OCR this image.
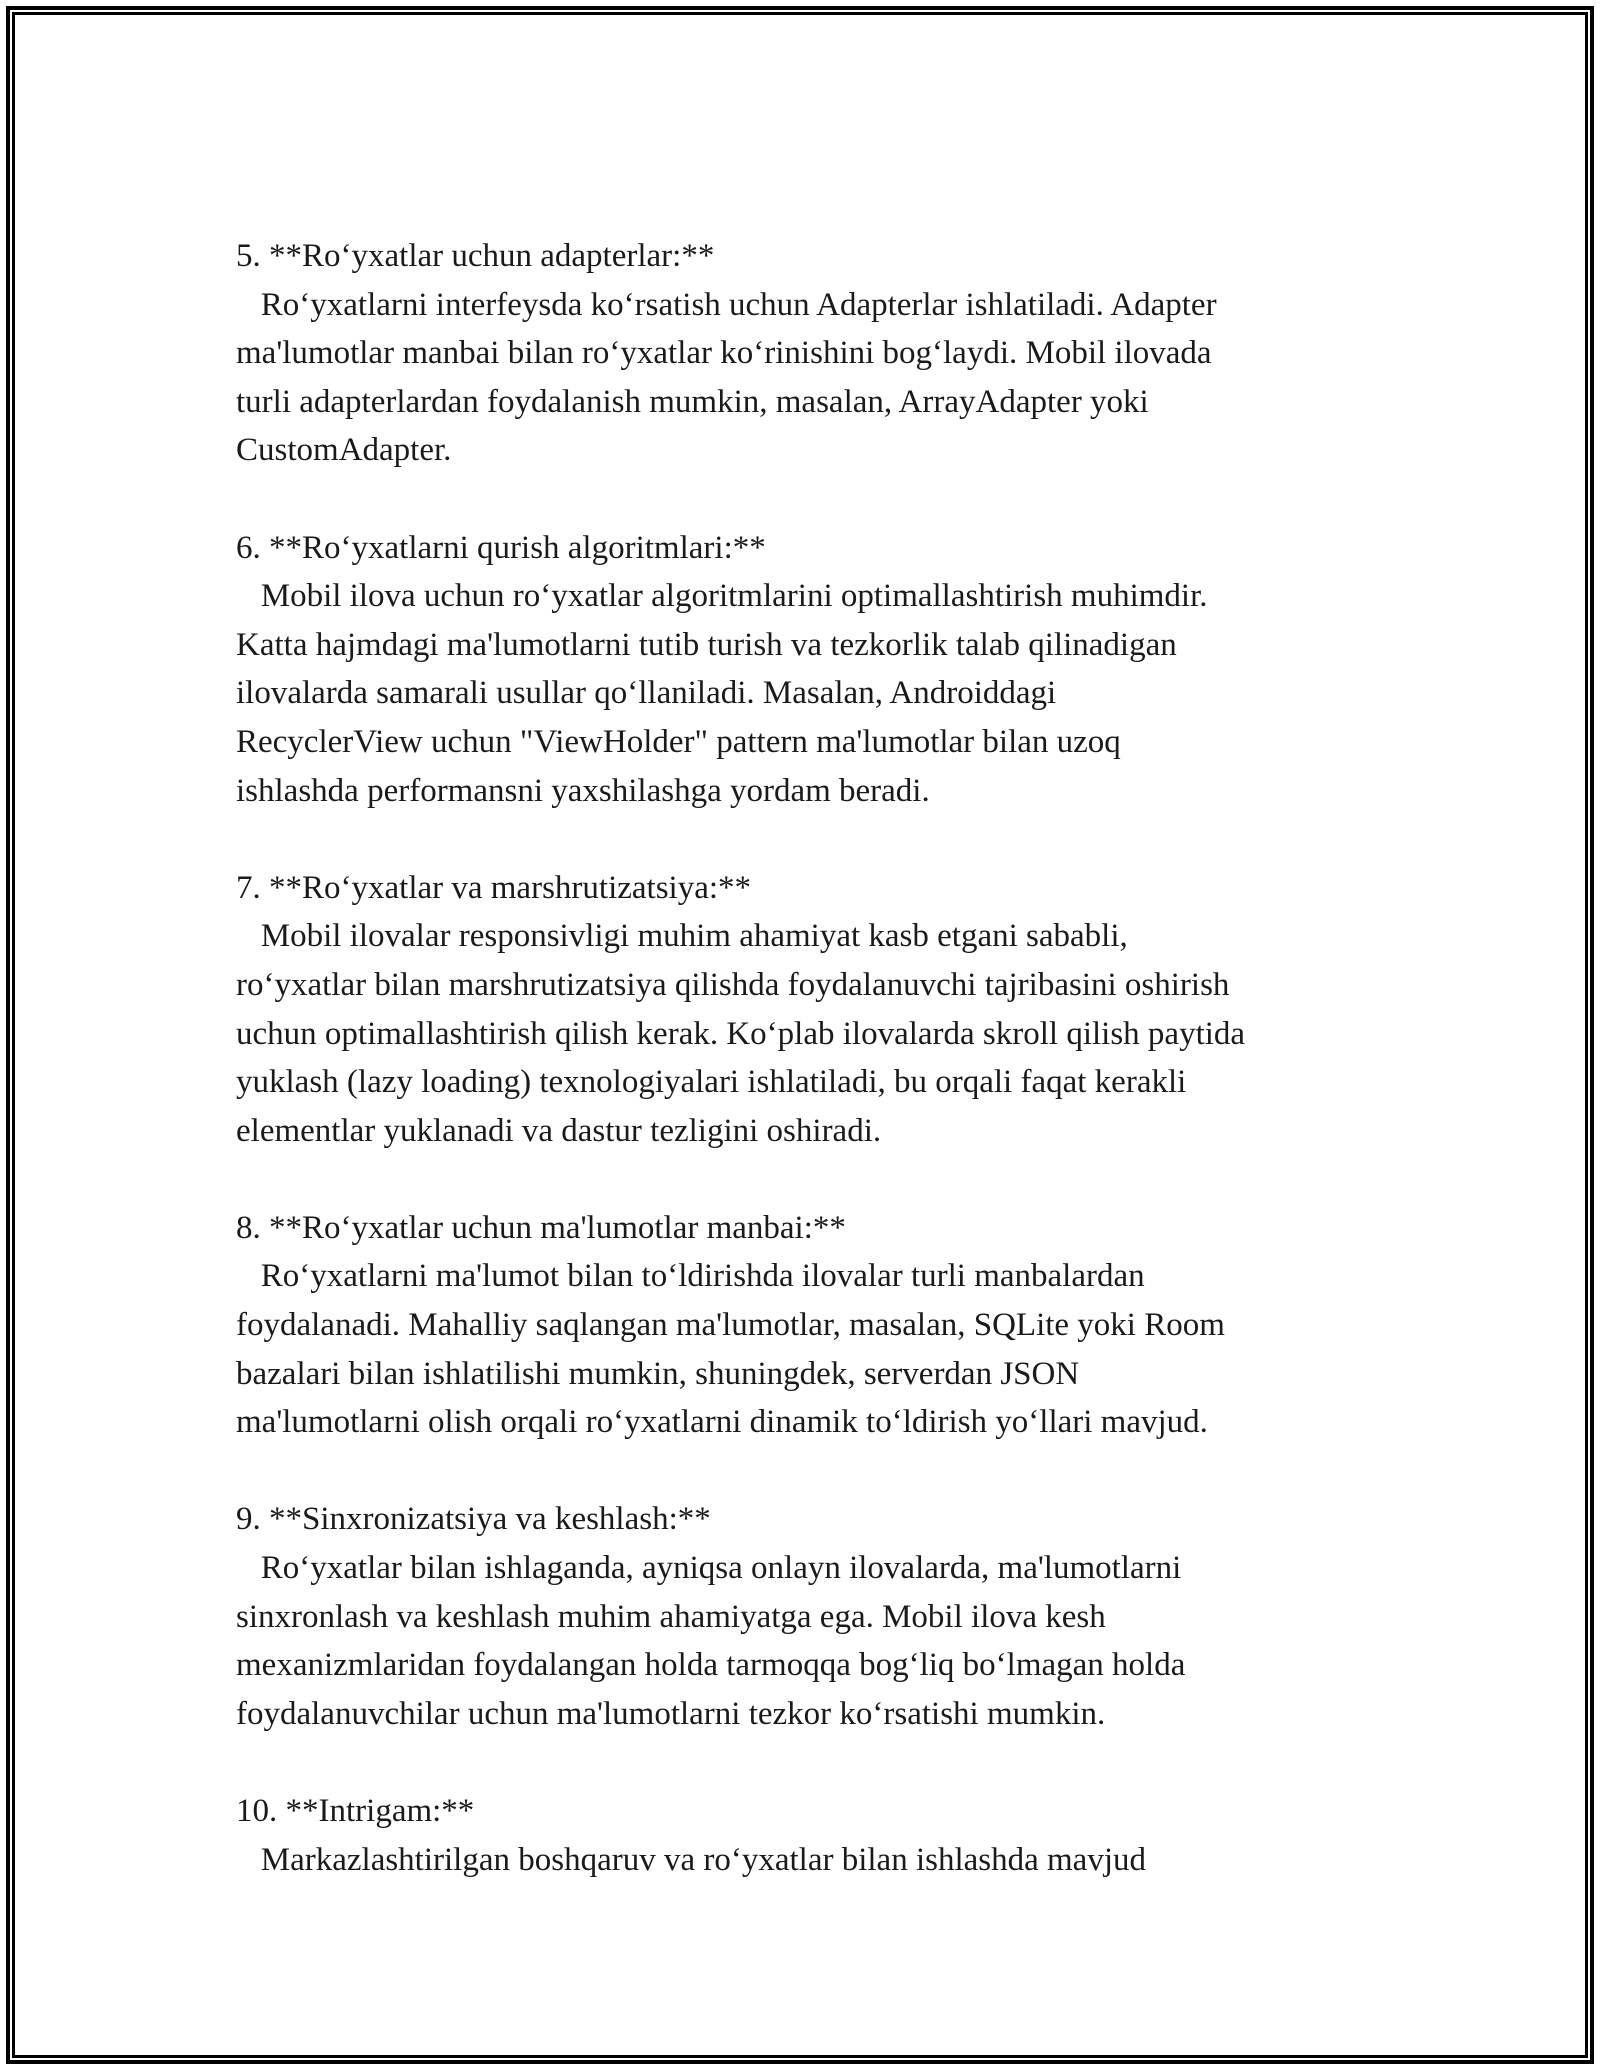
5. **Ro‘yxatlar uchun adapterlar:**
Ro‘yxatlarni interfeysda ko‘rsatish uchun Adapterlar ishlatiladi. Adapter
ma'lumotlar manbai bilan ro‘yxatlar ko‘rinishini bog‘laydi. Mobil ilovada
turli adapterlardan foydalanish mumkin, masalan, ArrayAdapter yoki
CustomAdapter.
6. **Ro‘yxatlarni qurish algoritmlari:**
Mobil ilova uchun ro‘yxatlar algoritmlarini optimallashtirish muhimdir.
Katta hajmdagi ma'lumotlarni tutib turish va tezkorlik talab qilinadigan
ilovalarda samarali usullar qo‘llaniladi. Masalan, Androiddagi
RecyclerView uchun "ViewHolder" pattern ma'lumotlar bilan uzoq
ishlashda performansni yaxshilashga yordam beradi.
7. **Ro‘yxatlar va marshrutizatsiya:**
Mobil ilovalar responsivligi muhim ahamiyat kasb etgani sababli,
ro‘yxatlar bilan marshrutizatsiya qilishda foydalanuvchi tajribasini oshirish
uchun optimallashtirish qilish kerak. Ko‘plab ilovalarda skroll qilish paytida
yuklash (lazy loading) texnologiyalari ishlatiladi, bu orqali faqat kerakli
elementlar yuklanadi va dastur tezligini oshiradi.
8. **Ro‘yxatlar uchun ma'lumotlar manbai:**
Ro‘yxatlarni ma'lumot bilan to‘ldirishda ilovalar turli manbalardan
foydalanadi. Mahalliy saqlangan ma'lumotlar, masalan, SQLite yoki Room
bazalari bilan ishlatilishi mumkin, shuningdek, serverdan JSON
ma'lumotlarni olish orqali ro‘yxatlarni dinamik to‘ldirish yo‘llari mavjud.
9. **Sinxronizatsiya va keshlash:**
Ro‘yxatlar bilan ishlaganda, ayniqsa onlayn ilovalarda, ma'lumotlarni
sinxronlash va keshlash muhim ahamiyatga ega. Mobil ilova kesh
mexanizmlaridan foydalangan holda tarmoqqa bog‘liq bo‘lmagan holda
foydalanuvchilar uchun ma'lumotlarni tezkor ko‘rsatishi mumkin.
10. **Intrigam:**
Markazlashtirilgan boshqaruv va ro‘yxatlar bilan ishlashda mavjud
